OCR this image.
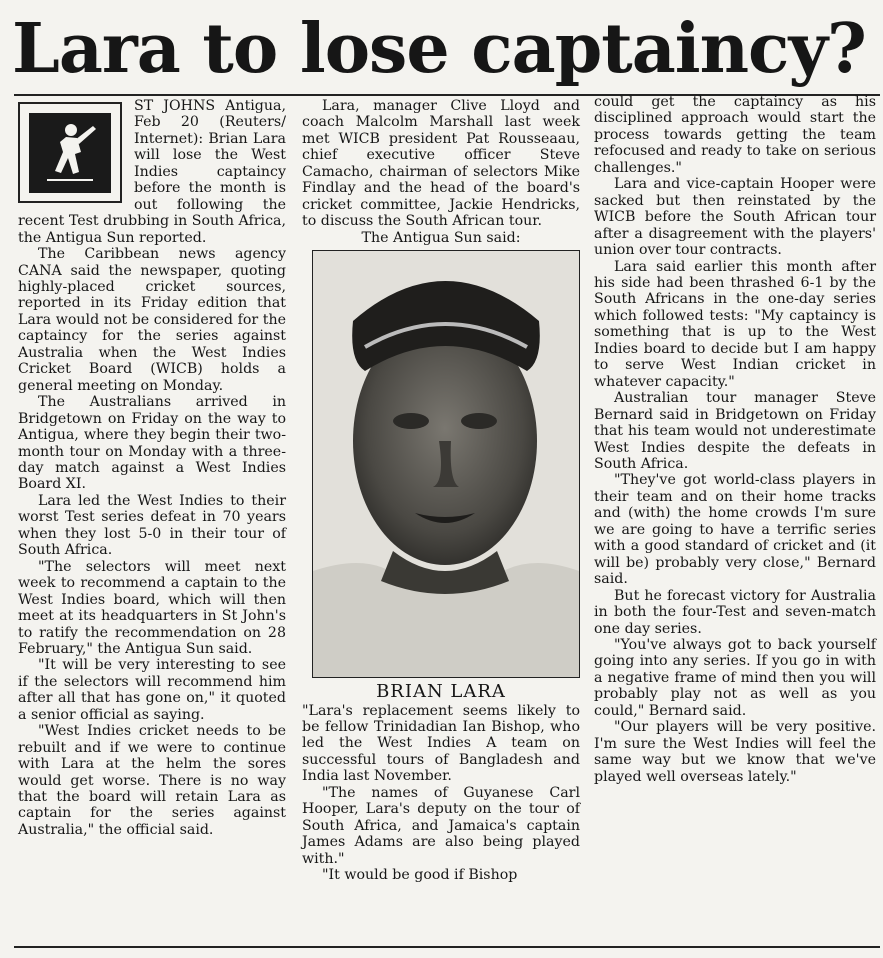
Lara to lose captaincy?

ST JOHNS Antigua, Feb 20 (Reuters/ Internet): Brian Lara will lose the West Indies captaincy before the month is out following the recent Test drubbing in South Africa, the Antigua Sun reported.

The Caribbean news agency CANA said the newspaper, quoting highly-placed cricket sources, reported in its Friday edition that Lara would not be considered for the captaincy for the series against Australia when the West Indies Cricket Board (WICB) holds a general meeting on Monday.

The Australians arrived in Bridgetown on Friday on the way to Antigua, where they begin their two-month tour on Monday with a three-day match against a West Indies Board XI.

Lara led the West Indies to their worst Test series defeat in 70 years when they lost 5-0 in their tour of South Africa.

"The selectors will meet next week to recommend a captain to the West Indies board, which will then meet at its headquarters in St John's to ratify the recommendation on 28 February," the Antigua Sun said.

"It will be very interesting to see if the selectors will recommend him after all that has gone on," it quoted a senior official as saying.

"West Indies cricket needs to be rebuilt and if we were to continue with Lara at the helm the sores would get worse. There is no way that the board will retain Lara as captain for the series against Australia," the official said.

Lara, manager Clive Lloyd and coach Malcolm Marshall last week met WICB president Pat Rousseaau, chief executive officer Steve Camacho, chairman of selectors Mike Findlay and the head of the board's cricket committee, Jackie Hendricks, to discuss the South African tour.

The Antigua Sun said:

BRIAN LARA

"Lara's replacement seems likely to be fellow Trinidadian Ian Bishop, who led the West Indies A team on successful tours of Bangladesh and India last November.

"The names of Guyanese Carl Hooper, Lara's deputy on the tour of South Africa, and Jamaica's captain James Adams are also being played with."

"It would be good if Bishop

could get the captaincy as his disciplined approach would start the process towards getting the team refocused and ready to take on serious challenges."

Lara and vice-captain Hooper were sacked but then reinstated by the WICB before the South African tour after a disagreement with the players' union over tour contracts.

Lara said earlier this month after his side had been thrashed 6-1 by the South Africans in the one-day series which followed tests: "My captaincy is something that is up to the West Indies board to decide but I am happy to serve West Indian cricket in whatever capacity."

Australian tour manager Steve Bernard said in Bridgetown on Friday that his team would not underestimate West Indies despite the defeats in South Africa.

"They've got world-class players in their team and on their home tracks and (with) the home crowds I'm sure we are going to have a terrific series with a good standard of cricket and (it will be) probably very close," Bernard said.

But he forecast victory for Australia in both the four-Test and seven-match one day series.

"You've always got to back yourself going into any series. If you go in with a negative frame of mind then you will probably play not as well as you could," Bernard said.

"Our players will be very positive. I'm sure the West Indies will feel the same way but we know that we've played well overseas lately."
